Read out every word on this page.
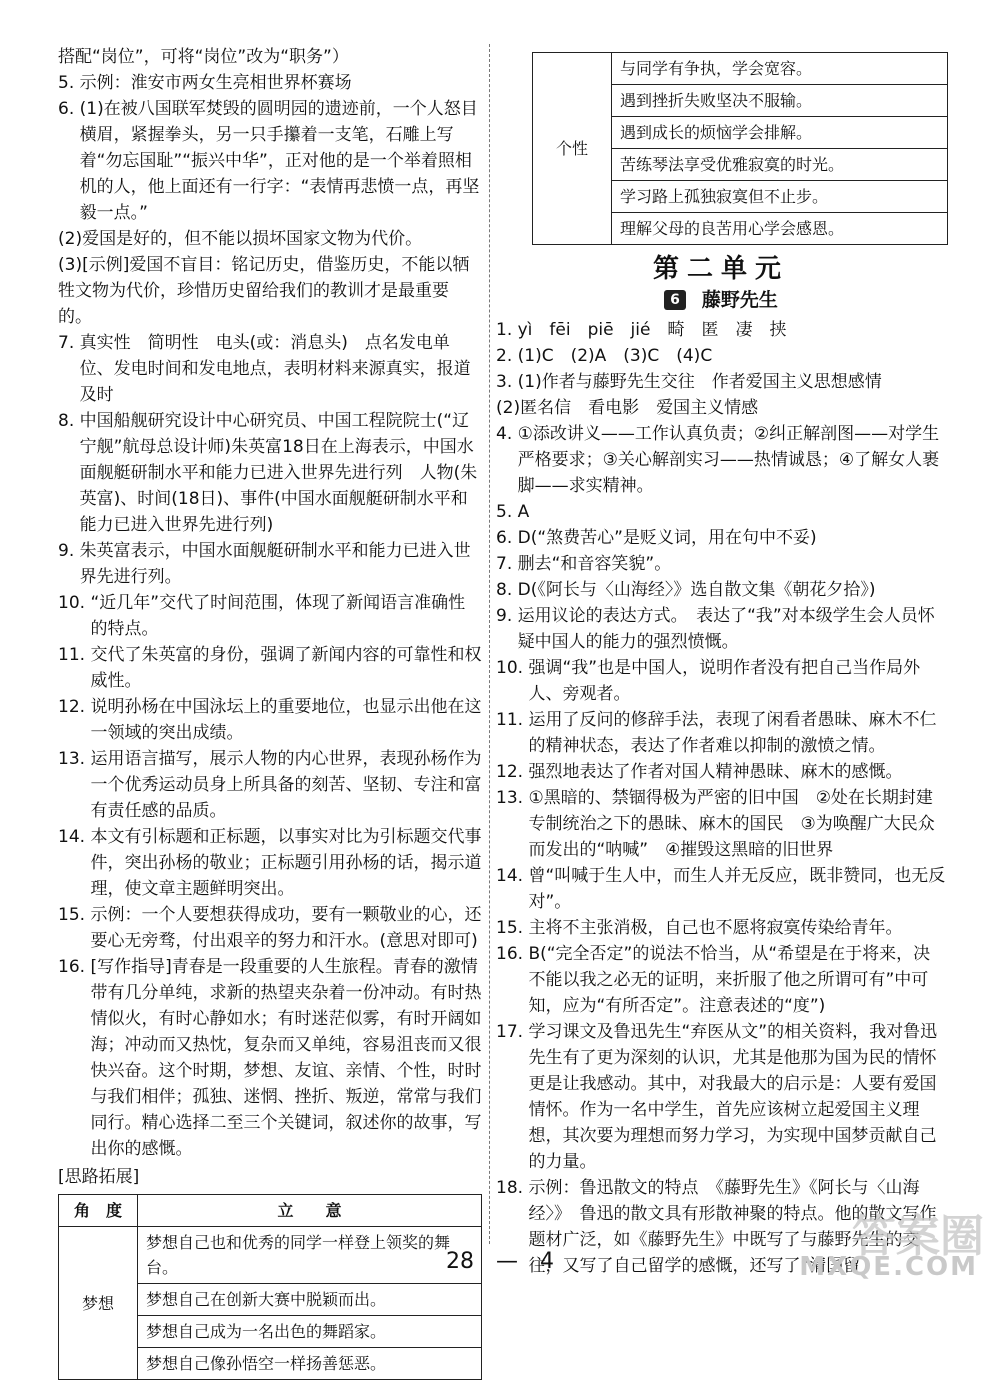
搭配“岗位”，可将“岗位”改为“职务”）
5. 示例：淮安市两女生亮相世界杯赛场
6. (1)在被八国联军焚毁的圆明园的遗迹前，一个人怒目横眉，紧握拳头，另一只手攥着一支笔，石雕上写着“勿忘国耻”“振兴中华”，正对他的是一个举着照相机的人，他上面还有一行字：“表情再悲愤一点，再坚毅一点。”
(2)爱国是好的，但不能以损坏国家文物为代价。
(3)[示例]爱国不盲目：铭记历史，借鉴历史，不能以牺牲文物为代价，珍惜历史留给我们的教训才是最重要的。
7. 真实性　简明性　电头(或：消息头)　点名发电单位、发电时间和发电地点，表明材料来源真实，报道及时
8. 中国船舰研究设计中心研究员、中国工程院院士(“辽宁舰”航母总设计师)朱英富18日在上海表示，中国水面舰艇研制水平和能力已进入世界先进行列　人物(朱英富)、时间(18日)、事件(中国水面舰艇研制水平和能力已进入世界先进行列)
9. 朱英富表示，中国水面舰艇研制水平和能力已进入世界先进行列。
10. “近几年”交代了时间范围，体现了新闻语言准确性的特点。
11. 交代了朱英富的身份，强调了新闻内容的可靠性和权威性。
12. 说明孙杨在中国泳坛上的重要地位，也显示出他在这一领域的突出成绩。
13. 运用语言描写，展示人物的内心世界，表现孙杨作为一个优秀运动员身上所具备的刻苦、坚韧、专注和富有责任感的品质。
14. 本文有引标题和正标题，以事实对比为引标题交代事件，突出孙杨的敬业；正标题引用孙杨的话，揭示道理，使文章主题鲜明突出。
15. 示例：一个人要想获得成功，要有一颗敬业的心，还要心无旁骛，付出艰辛的努力和汗水。(意思对即可)
16. [写作指导]青春是一段重要的人生旅程。青春的激情带有几分单纯，求新的热望夹杂着一份冲动。有时热情似火，有时心静如水；有时迷茫似雾，有时开阔如海；冲动而又热忱，复杂而又单纯，容易沮丧而又很快兴奋。这个时期，梦想、友谊、亲情、个性，时时与我们相伴；孤独、迷惘、挫折、叛逆，常常与我们同行。精心选择二至三个关键词，叙述你的故事，写出你的感慨。
[思路拓展]
角　度	立　　意
梦想	梦想自己也和优秀的同学一样登上领奖的舞台。
	梦想自己在创新大赛中脱颖而出。
	梦想自己成为一名出色的舞蹈家。
	梦想自己像孙悟空一样扬善惩恶。
个性	与同学有争执，学会宽容。
遇到挫折失败坚决不服输。
遇到成长的烦恼学会排解。
苦练琴法享受优雅寂寞的时光。
学习路上孤独寂寞但不止步。
理解父母的良苦用心学会感恩。
第二单元
6	藤野先生
1. yì　fēi　piē　jié　畸　匿　凄　挟
2. (1)C　(2)A　(3)C　(4)C
3. (1)作者与藤野先生交往　作者爱国主义思想感情
(2)匿名信　看电影　爱国主义情感
4. ①添改讲义——工作认真负责；②纠正解剖图——对学生严格要求；③关心解剖实习——热情诚恳；④了解女人裹脚——求实精神。
5. A
6. D(“煞费苦心”是贬义词，用在句中不妥)
7. 删去“和音容笑貌”。
8. D(《阿长与〈山海经〉》选自散文集《朝花夕拾》)
9. 运用议论的表达方式。　表达了“我”对本级学生会人员怀疑中国人的能力的强烈愤慨。
10. 强调“我”也是中国人，说明作者没有把自己当作局外人、旁观者。
11. 运用了反问的修辞手法，表现了闲看者愚昧、麻木不仁的精神状态，表达了作者难以抑制的激愤之情。
12. 强烈地表达了作者对国人精神愚昧、麻木的感慨。
13. ①黑暗的、禁锢得极为严密的旧中国　②处在长期封建专制统治之下的愚昧、麻木的国民　③为唤醒广大民众而发出的“呐喊”　④摧毁这黑暗的旧世界
14. 曾“叫喊于生人中，而生人并无反应，既非赞同，也无反对”。
15. 主将不主张消极，自己也不愿将寂寞传染给青年。
16. B(“完全否定”的说法不恰当，从“希望是在于将来，决不能以我之必无的证明，来折服了他之所谓可有”中可知，应为“有所否定”。注意表述的“度”)
17. 学习课文及鲁迅先生“弃医从文”的相关资料，我对鲁迅先生有了更为深刻的认识，尤其是他那为国为民的情怀更是让我感动。其中，对我最大的启示是：人要有爱国情怀。作为一名中学生，首先应该树立起爱国主义理想，其次要为理想而努力学习，为实现中国梦贡献自己的力量。
18. 示例：鲁迅散文的特点　《藤野先生》《阿长与〈山海经〉》　鲁迅的散文具有形散神聚的特点。他的散文写作题材广泛，如《藤野先生》中既写了与藤野先生的交往，又写了自己留学的感慨，还写了“清国留
28　—　4	答案圈
MXQE.COM
